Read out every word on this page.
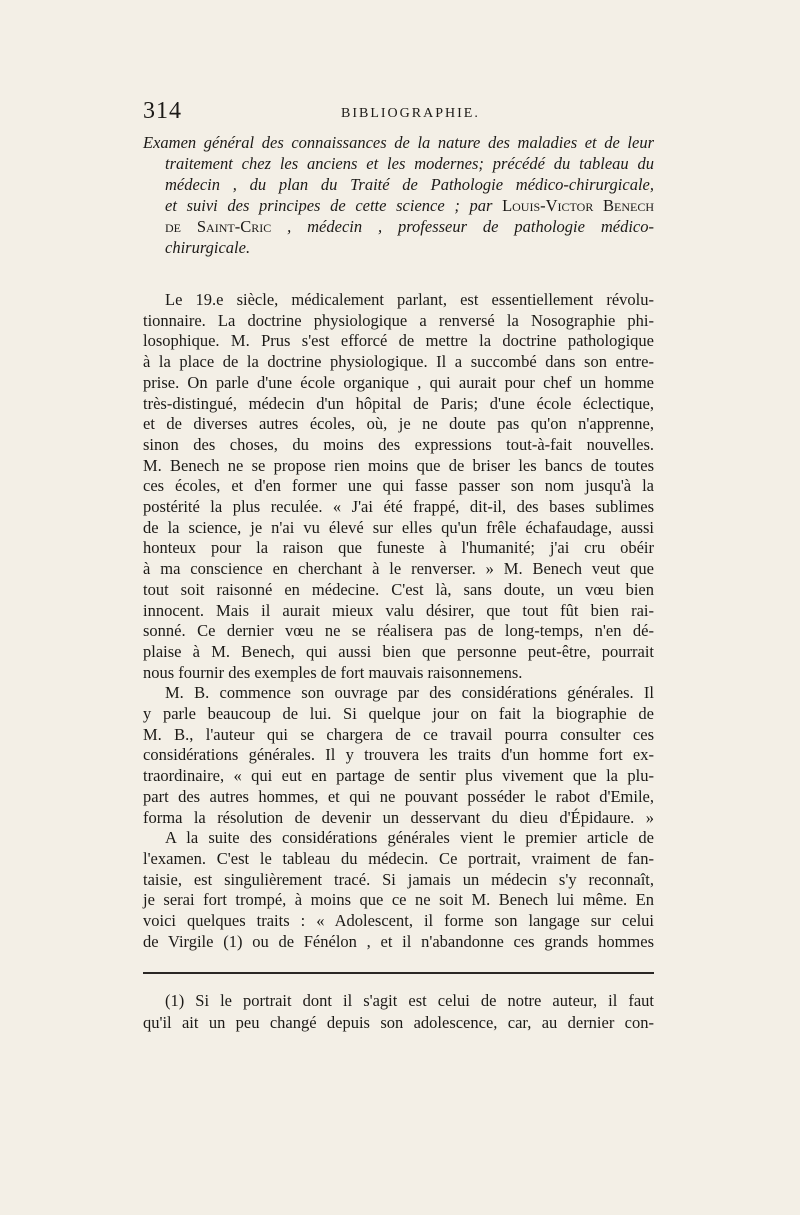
314	BIBLIOGRAPHIE.
Examen général des connaissances de la nature des maladies et de leur
traitement chez les anciens et les modernes; précédé du tableau du
médecin , du plan du Traité de Pathologie médico-chirurgicale,
et suivi des principes de cette science ; par Louis-Victor Benech
de Saint-Cric , médecin , professeur de pathologie médico-
chirurgicale.
Le 19.e siècle, médicalement parlant, est essentiellement révolu-
tionnaire. La doctrine physiologique a renversé la Nosographie phi-
losophique. M. Prus s'est efforcé de mettre la doctrine pathologique
à la place de la doctrine physiologique. Il a succombé dans son entre-
prise. On parle d'une école organique , qui aurait pour chef un homme
très-distingué, médecin d'un hôpital de Paris; d'une école éclectique,
et de diverses autres écoles, où, je ne doute pas qu'on n'apprenne,
sinon des choses, du moins des expressions tout-à-fait nouvelles.
M. Benech ne se propose rien moins que de briser les bancs de toutes
ces écoles, et d'en former une qui fasse passer son nom jusqu'à la
postérité la plus reculée. « J'ai été frappé, dit-il, des bases sublimes
de la science, je n'ai vu élevé sur elles qu'un frêle échafaudage, aussi
honteux pour la raison que funeste à l'humanité; j'ai cru obéir
à ma conscience en cherchant à le renverser. » M. Benech veut que
tout soit raisonné en médecine. C'est là, sans doute, un vœu bien
innocent. Mais il aurait mieux valu désirer, que tout fût bien rai-
sonné. Ce dernier vœu ne se réalisera pas de long-temps, n'en dé-
plaise à M. Benech, qui aussi bien que personne peut-être, pourrait
nous fournir des exemples de fort mauvais raisonnemens.
M. B. commence son ouvrage par des considérations générales. Il
y parle beaucoup de lui. Si quelque jour on fait la biographie de
M. B., l'auteur qui se chargera de ce travail pourra consulter ces
considérations générales. Il y trouvera les traits d'un homme fort ex-
traordinaire, « qui eut en partage de sentir plus vivement que la plu-
part des autres hommes, et qui ne pouvant posséder le rabot d'Emile,
forma la résolution de devenir un desservant du dieu d'Épidaure. »
A la suite des considérations générales vient le premier article de
l'examen. C'est le tableau du médecin. Ce portrait, vraiment de fan-
taisie, est singulièrement tracé. Si jamais un médecin s'y reconnaît,
je serai fort trompé, à moins que ce ne soit M. Benech lui même. En
voici quelques traits : « Adolescent, il forme son langage sur celui
de Virgile (1) ou de Fénélon , et il n'abandonne ces grands hommes
(1) Si le portrait dont il s'agit est celui de notre auteur, il faut
qu'il ait un peu changé depuis son adolescence, car, au dernier con-
